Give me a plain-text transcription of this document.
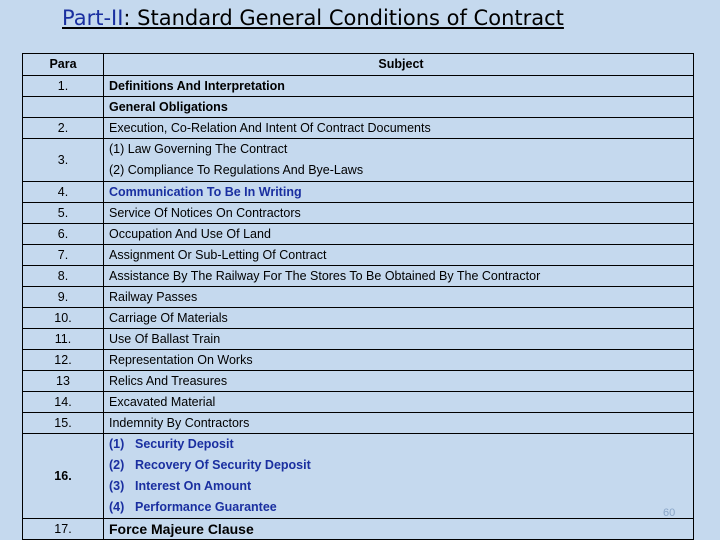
Part-II: Standard General Conditions of Contract
Para	Subject
1.	Definitions And Interpretation
	General Obligations
2.	Execution, Co-Relation And Intent Of Contract Documents
3.	(1) Law Governing The Contract
(2) Compliance To Regulations And Bye-Laws

4.	Communication To Be In Writing
5.	Service Of Notices On Contractors
6.	Occupation And Use Of Land
7.	Assignment Or Sub-Letting Of Contract
8.	Assistance By The Railway For The Stores To Be Obtained By The Contractor
9.	Railway Passes
10.	Carriage Of Materials
11.	Use Of Ballast Train
12.	Representation On Works
13	Relics And Treasures
14.	Excavated Material
15.	Indemnity By Contractors
16.	(1) Security Deposit
(2) Recovery Of Security Deposit
(3) Interest On Amount
(4) Performance Guarantee

17.	Force Majeure Clause
60
